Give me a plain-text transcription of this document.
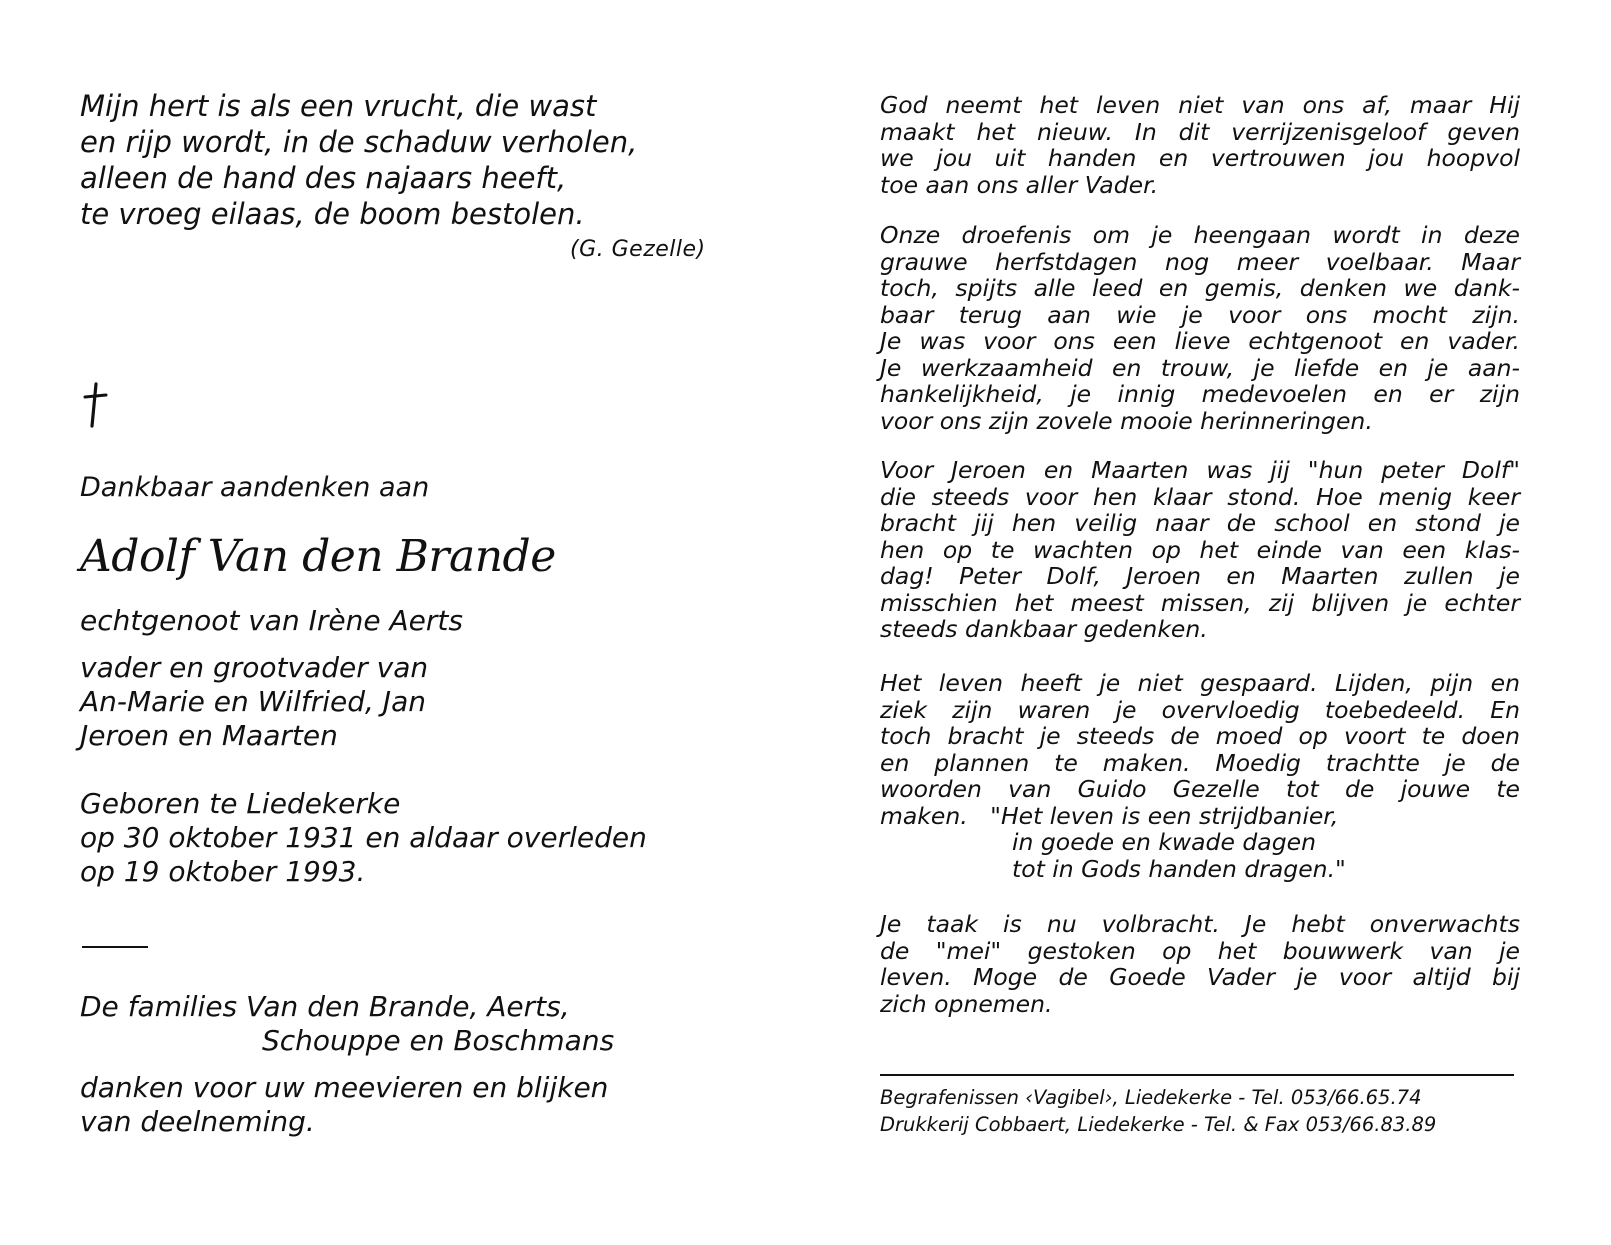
Mijn hert is als een vrucht, die wast
en rijp wordt, in de schaduw verholen,
alleen de hand des najaars heeft,
te vroeg eilaas, de boom bestolen.
(G. Gezelle)
Dankbaar aandenken aan
Adolf Van den Brande
echtgenoot van Irène Aerts
vader en grootvader van
An-Marie en Wilfried, Jan
Jeroen en Maarten
Geboren te Liedekerke
op 30 oktober 1931 en aldaar overleden
op 19 oktober 1993.
De families Van den Brande, Aerts,
Schouppe en Boschmans
danken voor uw meevieren en blijken
van deelneming.
God neemt het leven niet van ons af, maar Hij
maakt het nieuw. In dit verrijzenisgeloof geven
we jou uit handen en vertrouwen jou hoopvol
toe aan ons aller Vader.
Onze droefenis om je heengaan wordt in deze
grauwe herfstdagen nog meer voelbaar. Maar
toch, spijts alle leed en gemis, denken we dank-
baar terug aan wie je voor ons mocht zijn.
Je was voor ons een lieve echtgenoot en vader.
Je werkzaamheid en trouw, je liefde en je aan-
hankelijkheid, je innig medevoelen en er zijn
voor ons zijn zovele mooie herinneringen.
Voor Jeroen en Maarten was jij "hun peter Dolf"
die steeds voor hen klaar stond. Hoe menig keer
bracht jij hen veilig naar de school en stond je
hen op te wachten op het einde van een klas-
dag! Peter Dolf, Jeroen en Maarten zullen je
misschien het meest missen, zij blijven je echter
steeds dankbaar gedenken.
Het leven heeft je niet gespaard. Lijden, pijn en
ziek zijn waren je overvloedig toebedeeld. En
toch bracht je steeds de moed op voort te doen
en plannen te maken. Moedig trachtte je de
woorden van Guido Gezelle tot de jouwe te
maken. "Het leven is een strijdbanier,
in goede en kwade dagen
tot in Gods handen dragen."
Je taak is nu volbracht. Je hebt onverwachts
de "mei" gestoken op het bouwwerk van je
leven. Moge de Goede Vader je voor altijd bij
zich opnemen.
Begrafenissen ‹Vagibel›, Liedekerke - Tel. 053/66.65.74
Drukkerij Cobbaert, Liedekerke - Tel. & Fax 053/66.83.89
